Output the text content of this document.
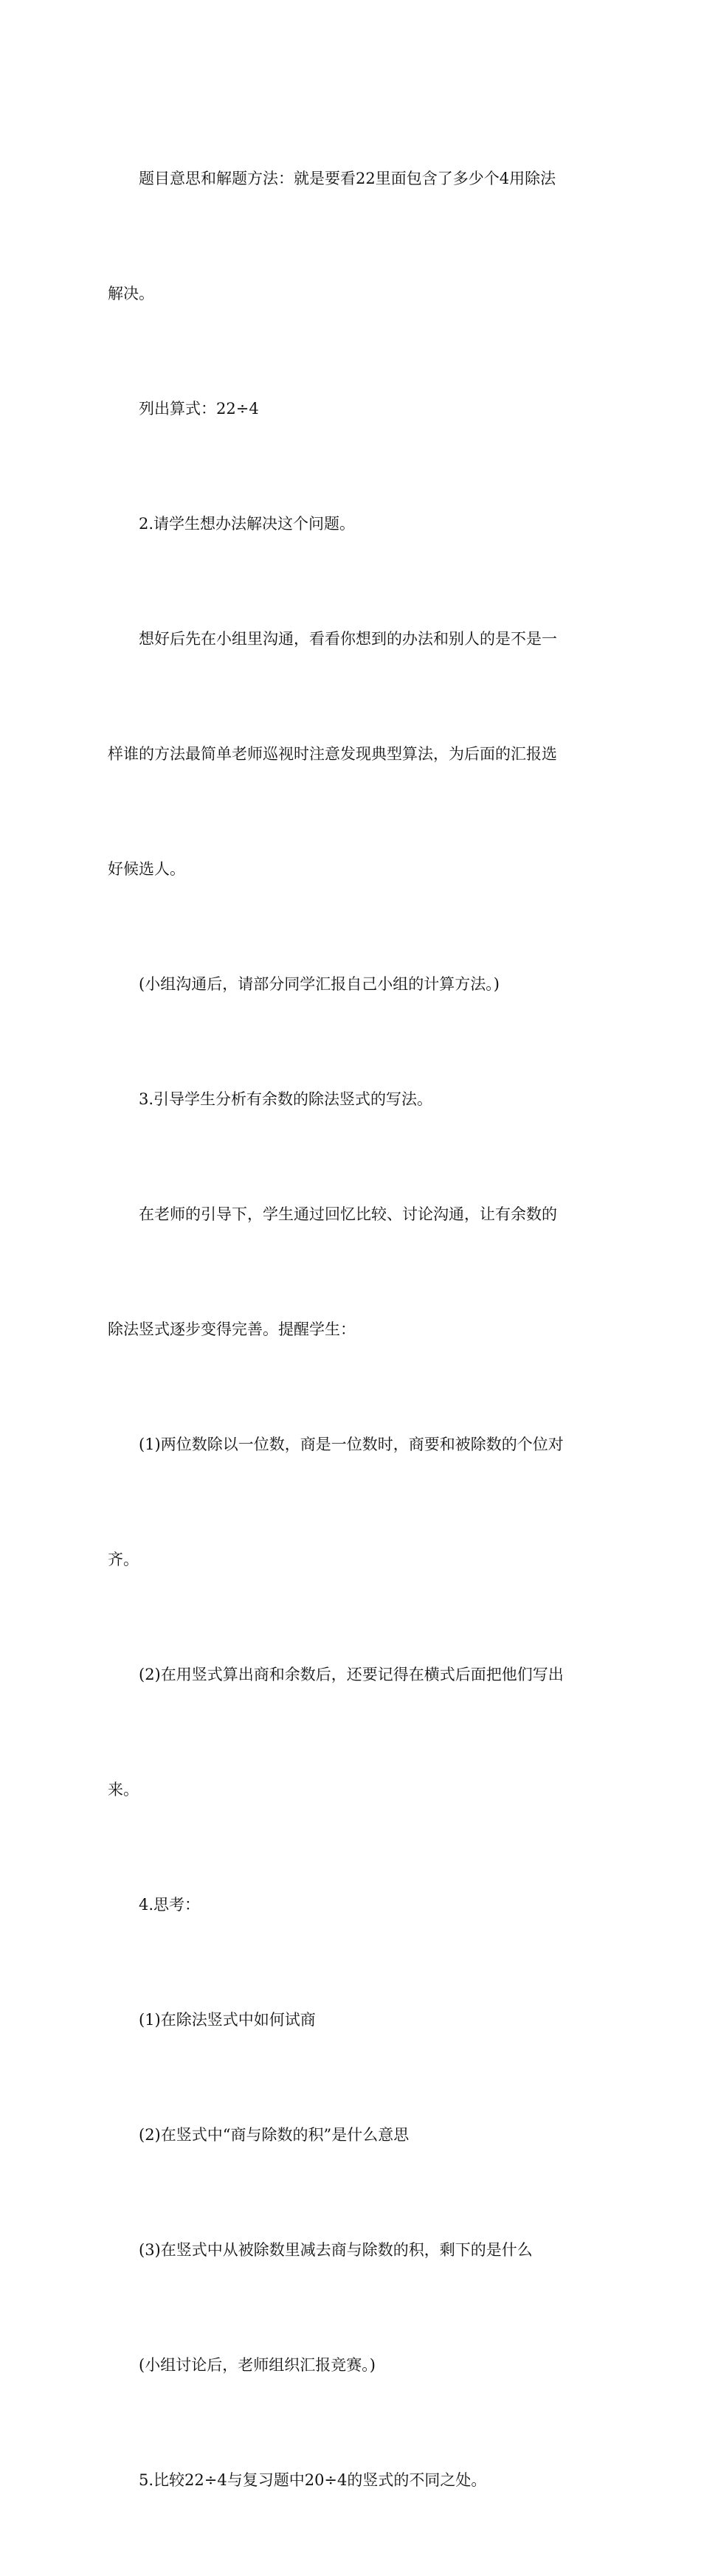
　　题目意思和解题方法：就是要看22里面包含了多少个4用除法

解决。

　　列出算式：22÷4

　　2.请学生想办法解决这个问题。

　　想好后先在小组里沟通，看看你想到的办法和别人的是不是一

样谁的方法最简单老师巡视时注意发现典型算法，为后面的汇报选

好候选人。

　　(小组沟通后，请部分同学汇报自己小组的计算方法。)

　　3.引导学生分析有余数的除法竖式的写法。

　　在老师的引导下，学生通过回忆比较、讨论沟通，让有余数的

除法竖式逐步变得完善。提醒学生：

　　(1)两位数除以一位数，商是一位数时，商要和被除数的个位对

齐。

　　(2)在用竖式算出商和余数后，还要记得在横式后面把他们写出

来。

　　4.思考：

　　(1)在除法竖式中如何试商

　　(2)在竖式中“商与除数的积”是什么意思

　　(3)在竖式中从被除数里减去商与除数的积，剩下的是什么

　　(小组讨论后，老师组织汇报竞赛。)

　　5.比较22÷4与复习题中20÷4的竖式的不同之处。
